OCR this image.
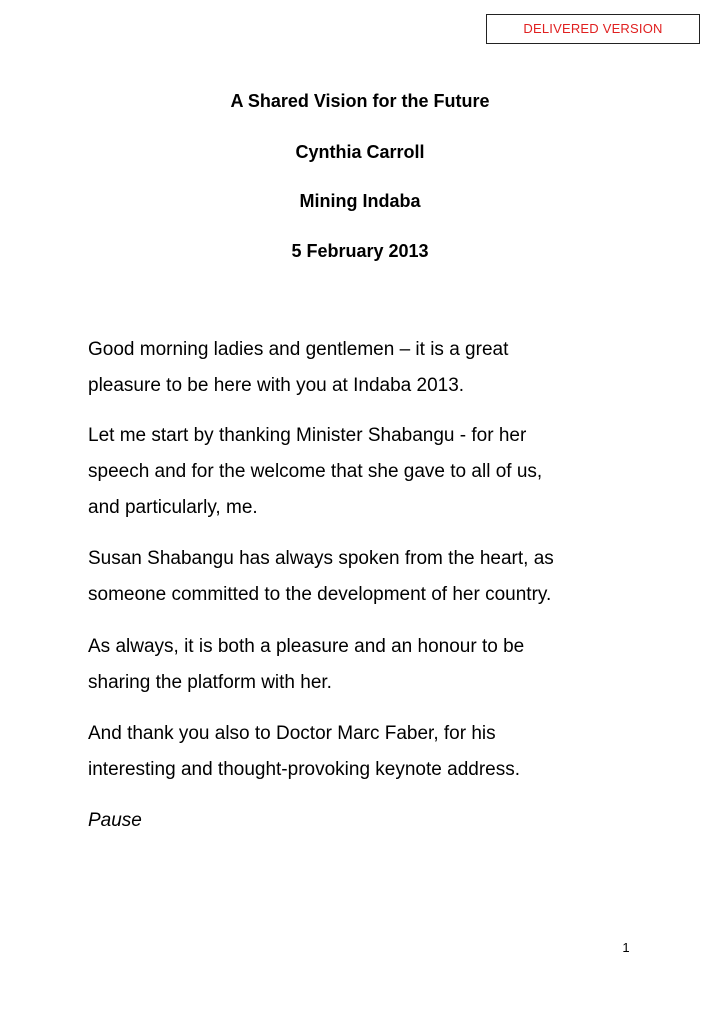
DELIVERED VERSION
A Shared Vision for the Future
Cynthia Carroll
Mining Indaba
5 February 2013
Good morning ladies and gentlemen – it is a great
pleasure to be here with you at Indaba 2013.
Let me start by thanking Minister Shabangu - for her
speech and for the welcome that she gave to all of us,
and particularly, me.
Susan Shabangu has always spoken from the heart, as
someone committed to the development of her country.
As always, it is both a pleasure and an honour to be
sharing the platform with her.
And thank you also to Doctor Marc Faber, for his
interesting and thought-provoking keynote address.
Pause
1
